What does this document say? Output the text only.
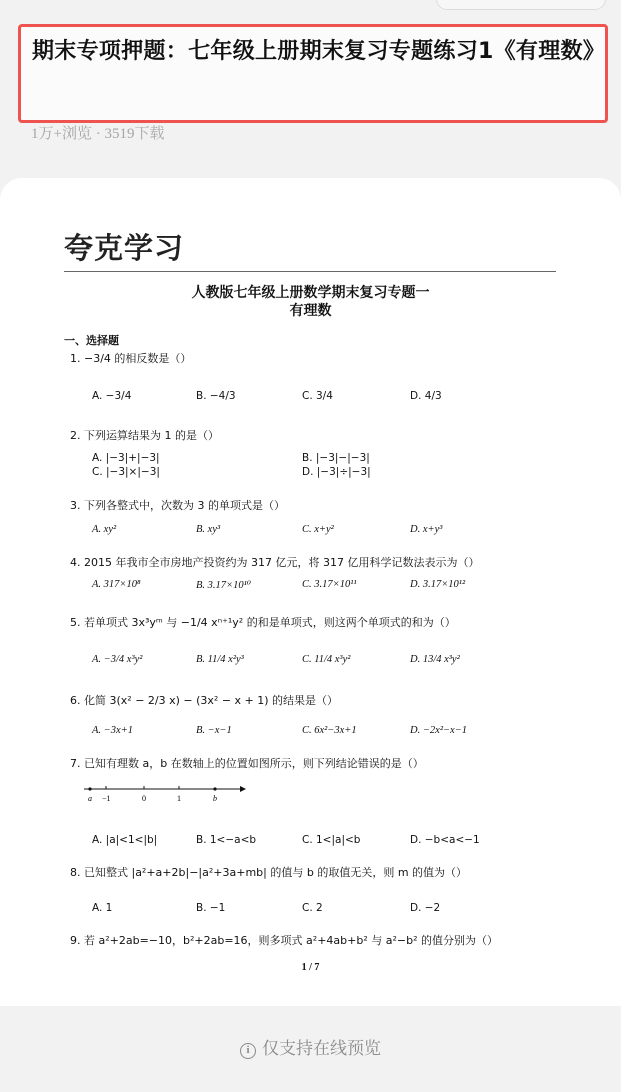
期末专项押题：七年级上册期末复习专题练习1《有理数》
1万+浏览 · 3519下载
夸克学习
人教版七年级上册数学期末复习专题一
有理数
一、选择题
1. −3/4 的相反数是（）
A. −3/4	B. −4/3	C. 3/4	D. 4/3
2. 下列运算结果为 1 的是（）
A. |−3|+|−3|	B. |−3|−|−3|
C. |−3|×|−3|	D. |−3|÷|−3|
3. 下列各整式中，次数为 3 的单项式是（）
A. xy²	B. xy³	C. x+y²	D. x+y³
4. 2015 年我市全市房地产投资约为 317 亿元，将 317 亿用科学记数法表示为（）
A. 317×10⁸	B. 3.17×10¹⁰	C. 3.17×10¹¹	D. 3.17×10¹²
5. 若单项式 3x³yᵐ 与 −1/4 xⁿ⁺¹y² 的和是单项式，则这两个单项式的和为（）
A. −3/4 x³y²	B. 11/4 x²y³	C. 11/4 x³y²	D. 13/4 x³y²
6. 化简 3(x² − 2/3 x) − (3x² − x + 1) 的结果是（）
A. −3x+1	B. −x−1	C. 6x²−3x+1	D. −2x²−x−1
7. 已知有理数 a，b 在数轴上的位置如图所示，则下列结论错误的是（）
a −1	0	1	b
A. |a|<1<|b|	B. 1<−a<b	C. 1<|a|<b	D. −b<a<−1
8. 已知整式 |a²+a+2b|−|a²+3a+mb| 的值与 b 的取值无关，则 m 的值为（）
A. 1	B. −1	C. 2	D. −2
9. 若 a²+2ab=−10，b²+2ab=16，则多项式 a²+4ab+b² 与 a²−b² 的值分别为（）
1 / 7
i 仅支持在线预览
